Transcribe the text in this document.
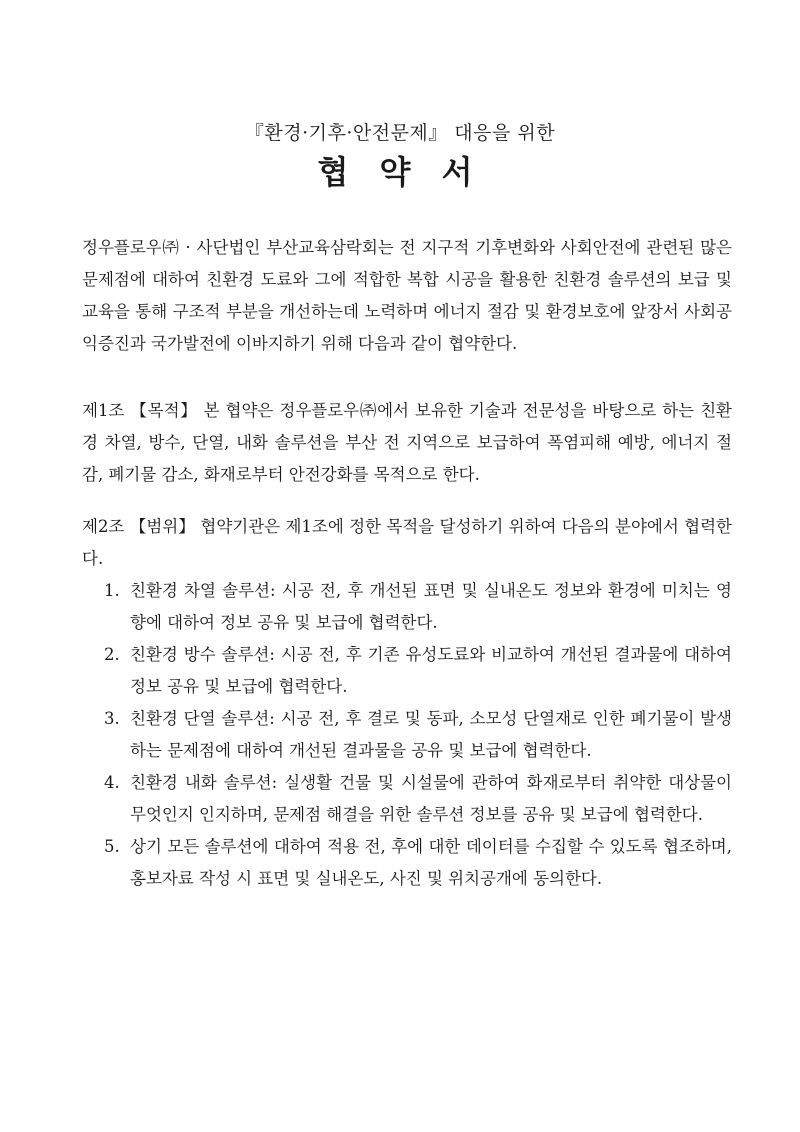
『환경·기후·안전문제』 대응을 위한
협 약 서

정우플로우㈜ · 사단법인 부산교육삼락회는 전 지구적 기후변화와 사회안전에 관련된 많은 문제점에 대하여 친환경 도료와 그에 적합한 복합 시공을 활용한 친환경 솔루션의 보급 및 교육을 통해 구조적 부분을 개선하는데 노력하며 에너지 절감 및 환경보호에 앞장서 사회공익증진과 국가발전에 이바지하기 위해 다음과 같이 협약한다.

제1조 【목적】 본 협약은 정우플로우㈜에서 보유한 기술과 전문성을 바탕으로 하는 친환경 차열, 방수, 단열, 내화 솔루션을 부산 전 지역으로 보급하여 폭염피해 예방, 에너지 절감, 폐기물 감소, 화재로부터 안전강화를 목적으로 한다.
제2조 【범위】 협약기관은 제1조에 정한 목적을 달성하기 위하여 다음의 분야에서 협력한다.
1. 친환경 차열 솔루션: 시공 전, 후 개선된 표면 및 실내온도 정보와 환경에 미치는 영향에 대하여 정보 공유 및 보급에 협력한다.
2. 친환경 방수 솔루션: 시공 전, 후 기존 유성도료와 비교하여 개선된 결과물에 대하여 정보 공유 및 보급에 협력한다.
3. 친환경 단열 솔루션: 시공 전, 후 결로 및 동파, 소모성 단열재로 인한 폐기물이 발생하는 문제점에 대하여 개선된 결과물을 공유 및 보급에 협력한다.
4. 친환경 내화 솔루션: 실생활 건물 및 시설물에 관하여 화재로부터 취약한 대상물이 무엇인지 인지하며, 문제점 해결을 위한 솔루션 정보를 공유 및 보급에 협력한다.
5. 상기 모든 솔루션에 대하여 적용 전, 후에 대한 데이터를 수집할 수 있도록 협조하며, 홍보자료 작성 시 표면 및 실내온도, 사진 및 위치공개에 동의한다.
